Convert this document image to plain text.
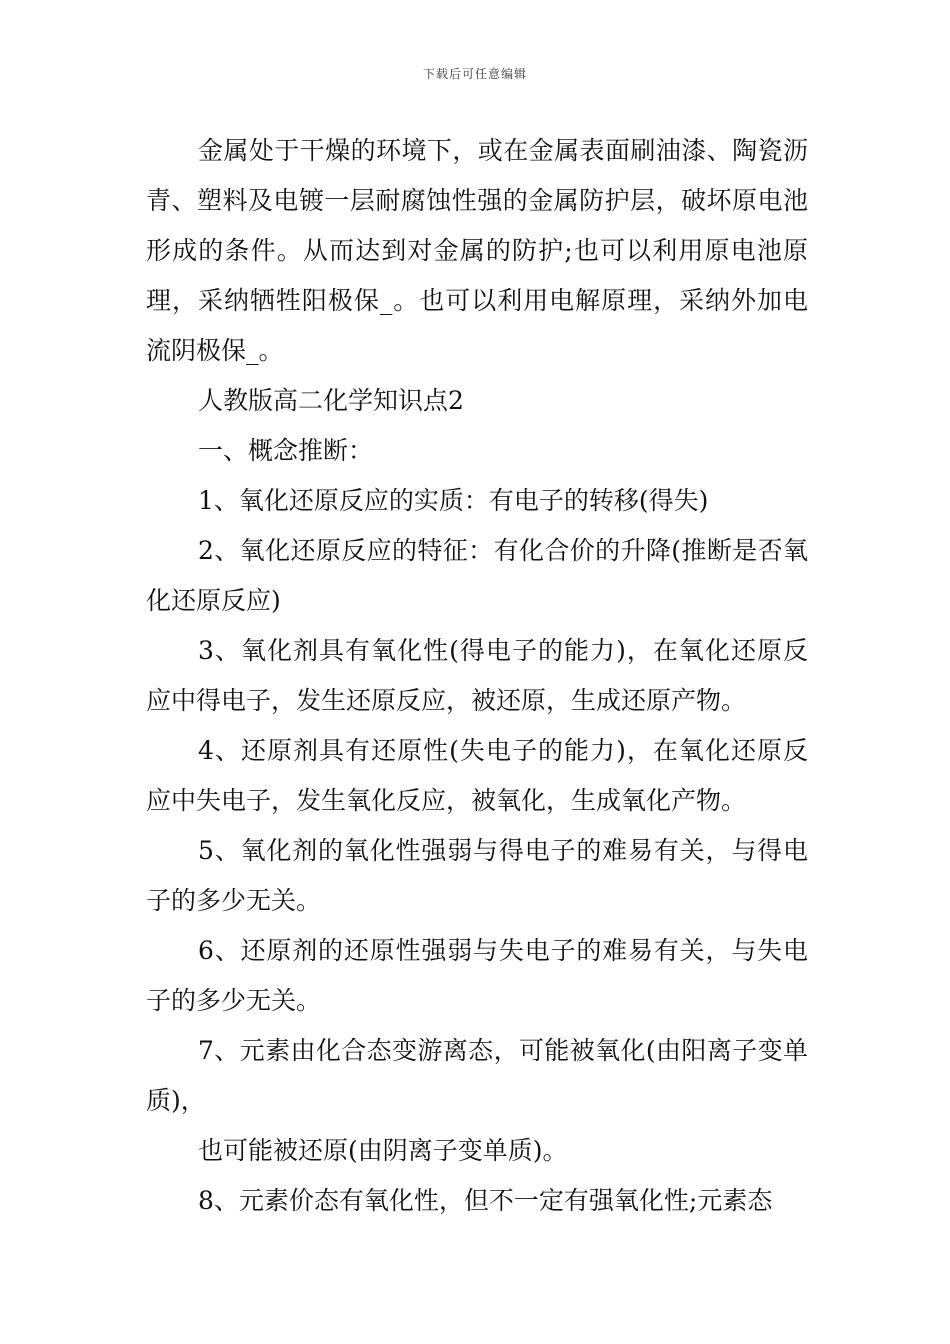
下载后可任意编辑

金属处于干燥的环境下，或在金属表面刷油漆、陶瓷沥青、塑料及电镀一层耐腐蚀性强的金属防护层，破坏原电池形成的条件。从而达到对金属的防护;也可以利用原电池原理，采纳牺牲阳极保_。也可以利用电解原理，采纳外加电流阴极保_。

人教版高二化学知识点2

一、概念推断：

1、氧化还原反应的实质：有电子的转移(得失)

2、氧化还原反应的特征：有化合价的升降(推断是否氧化还原反应)

3、氧化剂具有氧化性(得电子的能力)，在氧化还原反应中得电子，发生还原反应，被还原，生成还原产物。

4、还原剂具有还原性(失电子的能力)，在氧化还原反应中失电子，发生氧化反应，被氧化，生成氧化产物。

5、氧化剂的氧化性强弱与得电子的难易有关，与得电子的多少无关。

6、还原剂的还原性强弱与失电子的难易有关，与失电子的多少无关。

7、元素由化合态变游离态，可能被氧化(由阳离子变单质)，

也可能被还原(由阴离子变单质)。

8、元素价态有氧化性，但不一定有强氧化性;元素态
